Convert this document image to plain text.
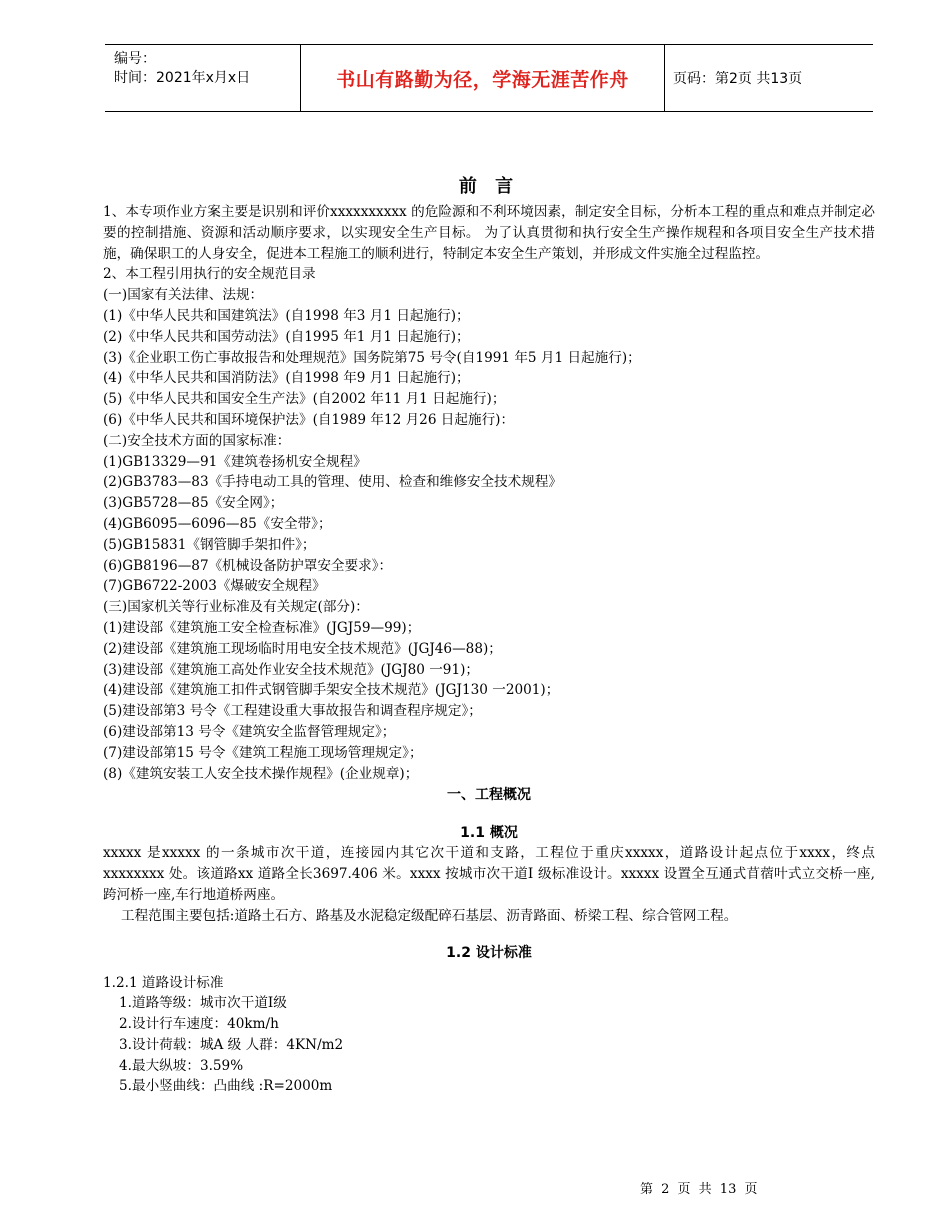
编号：
时间：2021年x月x日	书山有路勤为径，学海无涯苦作舟	页码：第2页 共13页
前 言
1、本专项作业方案主要是识别和评价xxxxxxxxxx 的危险源和不利环境因素，制定安全目标，分析本工程的重点和难点并制定必要的控制措施、资源和活动顺序要求，以实现安全生产目标。 为了认真贯彻和执行安全生产操作规程和各项目安全生产技术措施，确保职工的人身安全，促进本工程施工的顺利进行，特制定本安全生产策划，并形成文件实施全过程监控。
2、本工程引用执行的安全规范目录
(一)国家有关法律、法规：
(1)《中华人民共和国建筑法》(自1998 年3 月1 日起施行)；
(2)《中华人民共和国劳动法》(自1995 年1 月1 日起施行)；
(3)《企业职工伤亡事故报告和处理规范》国务院第75 号令(自1991 年5 月1 日起施行)；
(4)《中华人民共和国消防法》(自1998 年9 月1 日起施行)；
(5)《中华人民共和国安全生产法》(自2002 年11 月1 日起施行)；
(6)《中华人民共和国环境保护法》(自1989 年12 月26 日起施行)：
(二)安全技术方面的国家标准：
(1)GB13329—91《建筑卷扬机安全规程》
(2)GB3783—83《手持电动工具的管理、使用、检查和维修安全技术规程》
(3)GB5728—85《安全网》；
(4)GB6095—6096—85《安全带》；
(5)GB15831《钢管脚手架扣件》；
(6)GB8196—87《机械设备防护罩安全要求》：
(7)GB6722-2003《爆破安全规程》
(三)国家机关等行业标准及有关规定(部分)：
(1)建设部《建筑施工安全检查标准》(JGJ59—99)；
(2)建设部《建筑施工现场临时用电安全技术规范》(JGJ46—88)；
(3)建设部《建筑施工高处作业安全技术规范》(JGJ80 一91)；
(4)建设部《建筑施工扣件式钢管脚手架安全技术规范》(JGJ130 一2001)；
(5)建设部第3 号令《工程建设重大事故报告和调查程序规定》；
(6)建设部第13 号令《建筑安全监督管理规定》；
(7)建设部第15 号令《建筑工程施工现场管理规定》；
(8)《建筑安装工人安全技术操作规程》(企业规章)；
一、工程概况
1.1 概况
xxxxx 是xxxxx 的一条城市次干道，连接园内其它次干道和支路，工程位于重庆xxxxx，道路设计起点位于xxxx，终点xxxxxxxx 处。该道路xx 道路全长3697.406 米。xxxx 按城市次干道Ⅰ 级标准设计。xxxxx 设置全互通式苜蓿叶式立交桥一座,跨河桥一座,车行地道桥两座。
工程范围主要包括:道路土石方、路基及水泥稳定级配碎石基层、沥青路面、桥梁工程、综合管网工程。
1.2 设计标准
1.2.1 道路设计标准
1.道路等级：城市次干道Ⅰ级
2.设计行车速度：40km/h
3.设计荷载：城A 级 人群：4KN/m2
4.最大纵坡：3.59%
5.最小竖曲线：凸曲线 :R=2000m
第 2 页 共 13 页
